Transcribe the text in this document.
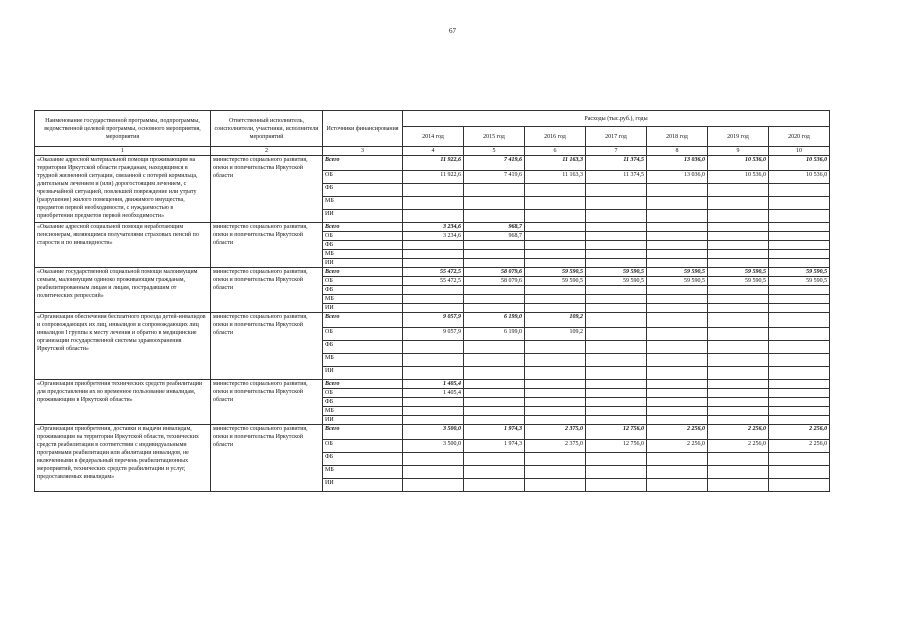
67
Наименование государственной программы, подпрограммы, ведомственной целевой программы, основного мероприятия, мероприятия	Ответственный исполнитель, соисполнители, участники, исполнители мероприятий	Источники финансирования	Расходы (тыс.руб.), годы						
			2014 год	2015 год	2016 год	2017 год	2018 год	2019 год	2020 год
1	2	3	4	5	6	7	8	9	10
«Оказание адресной материальной помощи проживающим на территории Иркутской области гражданам, находящимся в трудной жизненной ситуации, связанной с потерей кормильца, длительным лечением и (или) дорогостоящим лечением, с чрезвычайной ситуацией, повлекшей повреждение или утрату (разрушение) жилого помещения, движимого имущества, предметов первой необходимости, с нуждаемостью в приобретении предметов первой необходимости»	министерство социального развития, опеки и попечительства Иркутской области	Всего	11 922,6	7 419,6	11 163,3	11 374,5	13 036,0	10 536,0	10 536,0
		ОБ	11 922,6	7 419,6	11 163,3	11 374,5	13 036,0	10 536,0	10 536,0
		ФБ							
		МБ							
		ИИ							
«Оказание адресной социальной помощи неработающим пенсионерам, являющимся получателями страховых пенсий по старости и по инвалидности»	министерство социального развития, опеки и попечительства Иркутской области	Всего	3 234,6	968,7					
		ОБ	3 234,6	968,7					
		ФБ							
		МБ							
		ИИ							
«Оказание государственной социальной помощи малоимущим семьям, малоимущим одиноко проживающим гражданам, реабилитированным лицам и лицам, пострадавшим от политических репрессий»	министерство социального развития, опеки и попечительства Иркутской области	Всего	55 472,5	58 079,6	59 590,5	59 590,5	59 590,5	59 590,5	59 590,5
		ОБ	55 472,5	58 079,6	59 590,5	59 590,5	59 590,5	59 590,5	59 590,5
		ФБ							
		МБ							
		ИИ							
«Организация обеспечения бесплатного проезда детей-инвалидов и сопровождающих их лиц, инвалидов и сопровождающих лиц инвалидов I группы к месту лечения и обратно в медицинские организации государственной системы здравоохранения Иркутской области»	министерство социального развития, опеки и попечительства Иркутской области	Всего	9 057,9	6 199,0	109,2				
		ОБ	9 057,9	6 199,0	109,2				
		ФБ							
		МБ							
		ИИ							
«Организация приобретения технических средств реабилитации для предоставления их во временное пользование инвалидам, проживающим в Иркутской области»	министерство социального развития, опеки и попечительства Иркутской области	Всего	1 405,4						
		ОБ	1 405,4						
		ФБ							
		МБ							
		ИИ							
«Организация приобретения, доставки и выдачи инвалидам, проживающим на территории Иркутской области, технических средств реабилитации в соответствии с индивидуальными программами реабилитации или абилитации инвалидов, не включенными в федеральный перечень реабилитационных мероприятий, технических средств реабилитации и услуг, предоставляемых инвалидам»	министерство социального развития, опеки и попечительства Иркутской области	Всего	3 500,0	1 974,3	2 375,0	12 756,0	2 256,0	2 256,0	2 256,0
		ОБ	3 500,0	1 974,3	2 375,0	12 756,0	2 256,0	2 256,0	2 256,0
		ФБ							
		МБ							
		ИИ							
